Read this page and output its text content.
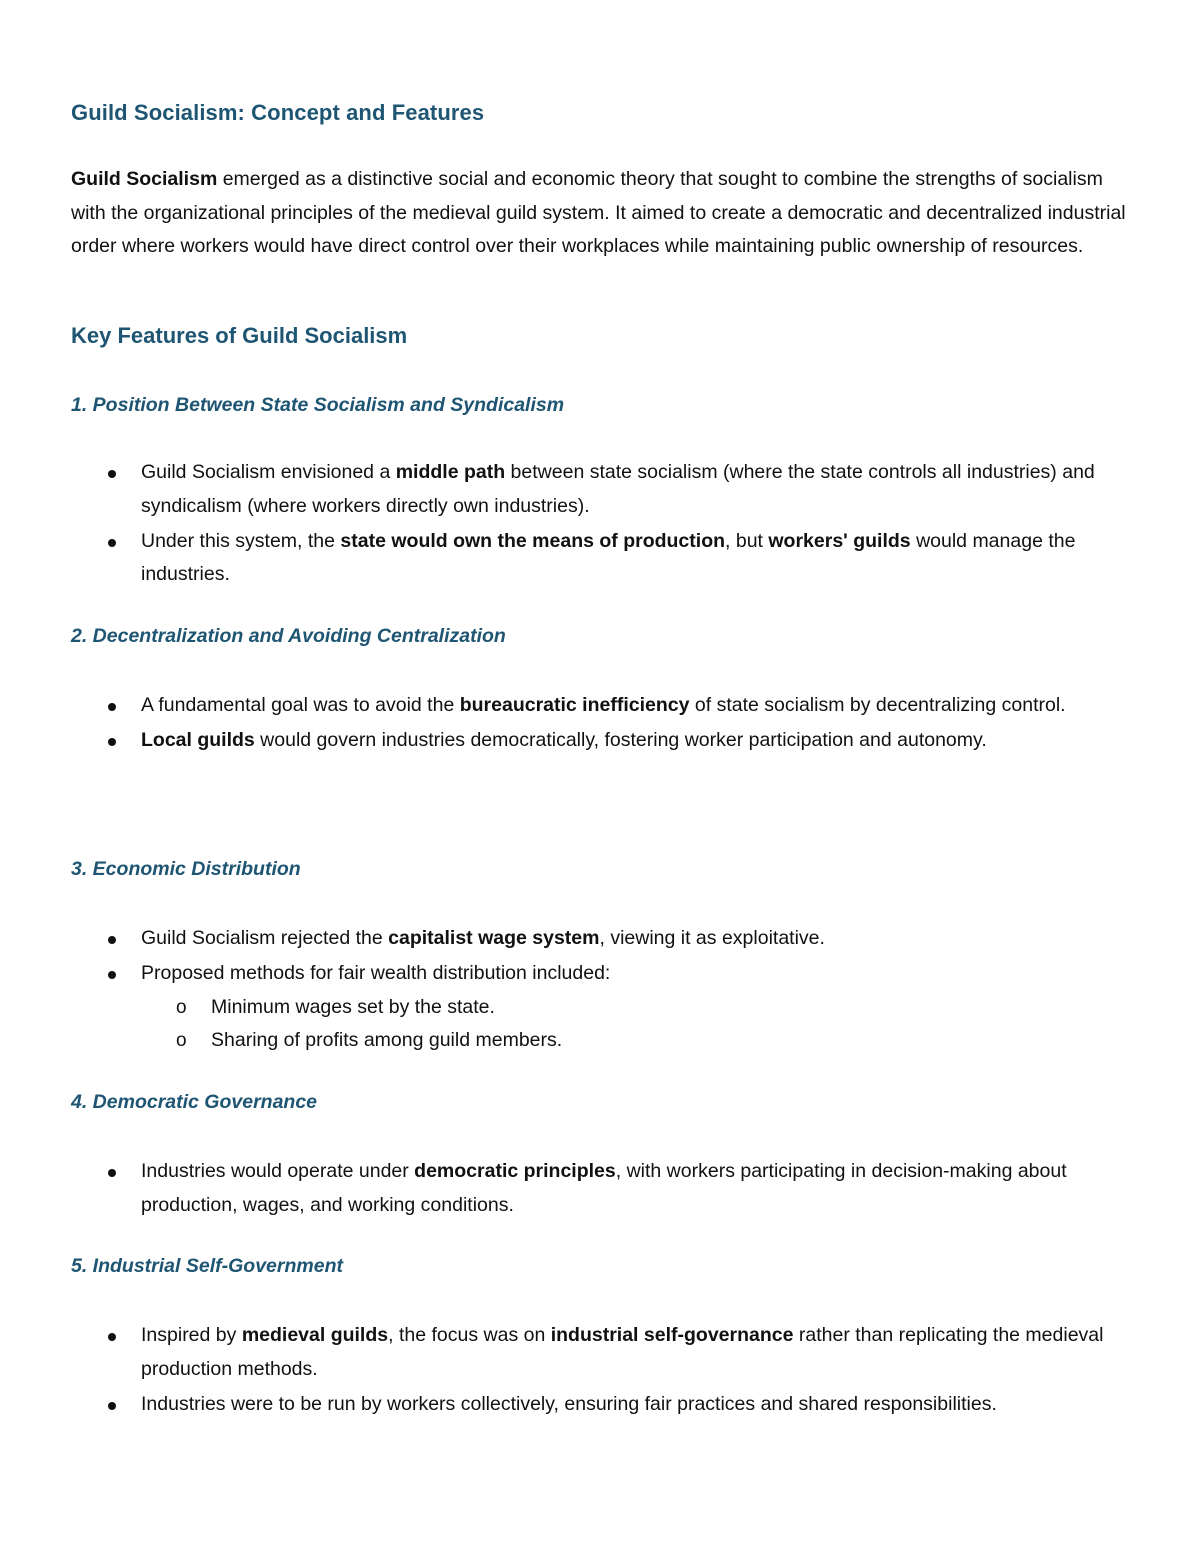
Guild Socialism: Concept and Features

Guild Socialism emerged as a distinctive social and economic theory that sought to combine the strengths of socialism with the organizational principles of the medieval guild system. It aimed to create a democratic and decentralized industrial order where workers would have direct control over their workplaces while maintaining public ownership of resources.

Key Features of Guild Socialism
1. Position Between State Socialism and Syndicalism
Guild Socialism envisioned a middle path between state socialism (where the state controls all industries) and syndicalism (where workers directly own industries).
Under this system, the state would own the means of production, but workers' guilds would manage the industries.
2. Decentralization and Avoiding Centralization
A fundamental goal was to avoid the bureaucratic inefficiency of state socialism by decentralizing control.
Local guilds would govern industries democratically, fostering worker participation and autonomy.
3. Economic Distribution
Guild Socialism rejected the capitalist wage system, viewing it as exploitative.
Proposed methods for fair wealth distribution included:
o Minimum wages set by the state.
o Sharing of profits among guild members.
4. Democratic Governance
Industries would operate under democratic principles, with workers participating in decision-making about production, wages, and working conditions.
5. Industrial Self-Government
Inspired by medieval guilds, the focus was on industrial self-governance rather than replicating the medieval production methods.
Industries were to be run by workers collectively, ensuring fair practices and shared responsibilities.
